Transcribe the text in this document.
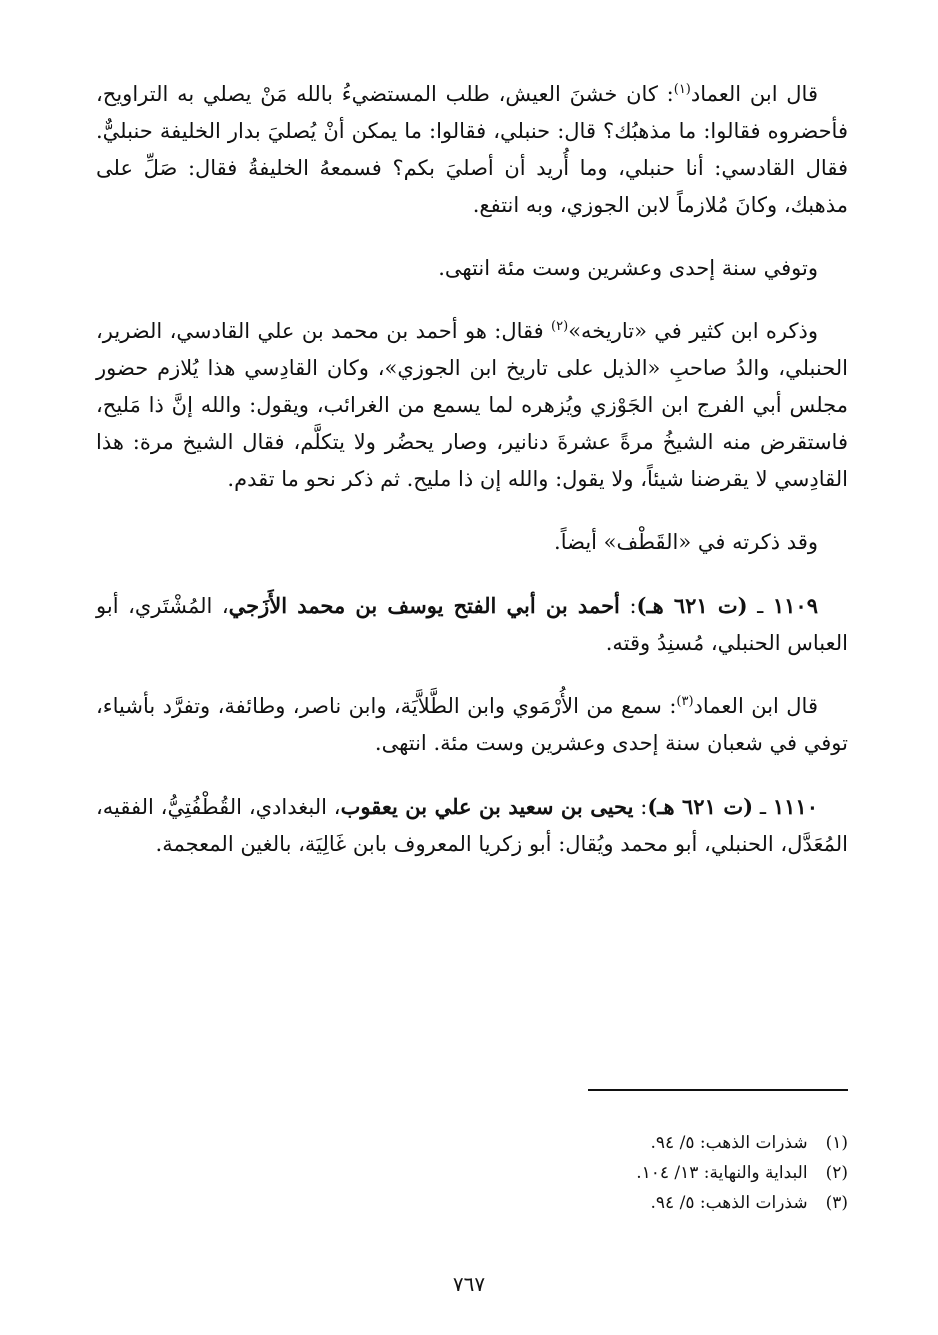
قال ابن العماد$^{(١)}$: كان خشنَ العيش، طلب المستضيءُ بالله مَنْ يصلي به التراويح، فأحضروه فقالوا: ما مذهبُك؟ قال: حنبلي، فقالوا: ما يمكن أنْ يُصليَ بدار الخليفة حنبليٌّ. فقال القادسي: أنا حنبلي، وما أُريد أن أصليَ بكم؟ فسمعهُ الخليفةُ فقال: صَلِّ على مذهبك، وكانَ مُلازماً لابن الجوزي، وبه انتفع.

وتوفي سنة إحدى وعشرين وست مئة انتهى.

وذكره ابن كثير في «تاريخه»$^{(٢)}$ فقال: هو أحمد بن محمد بن علي القادسي، الضرير، الحنبلي، والدُ صاحبِ «الذيل على تاريخ ابن الجوزي»، وكان القادِسي هذا يُلازم حضور مجلس أبي الفرج ابن الجَوْزي ويُزهره لما يسمع من الغرائب، ويقول: والله إنَّ ذا مَليح، فاستقرض منه الشيخُ مرةً عشرةَ دنانير، وصار يحضُر ولا يتكلَّم، فقال الشيخ مرة: هذا القادِسي لا يقرضنا شيئاً، ولا يقول: والله إن ذا مليح. ثم ذكر نحو ما تقدم.

وقد ذكرته في «القَطْف» أيضاً.

١١٠٩ ـ (ت ٦٢١ هـ): أحمد بن أبي الفتح يوسف بن محمد الأَزَجي، المُشْتَري، أبو العباس الحنبلي، مُسنِدُ وقته.

قال ابن العماد$^{(٣)}$: سمع من الأُرْمَوي وابن الطَّلاَّيَة، وابن ناصر، وطائفة، وتفرَّد بأشياء، توفي في شعبان سنة إحدى وعشرين وست مئة. انتهى.

١١١٠ ـ (ت ٦٢١ هـ): يحيى بن سعيد بن علي بن يعقوب، البغدادي، القُطْفُتِيُّ، الفقيه، المُعَدَّل، الحنبلي، أبو محمد ويُقال: أبو زكريا المعروف بابن غَالِيَة، بالغين المعجمة.

(١)
شذرات الذهب: ٥/ ٩٤.
(٢)
البداية والنهاية: ١٣/ ١٠٤.
(٣)
شذرات الذهب: ٥/ ٩٤.
٧٦٧
